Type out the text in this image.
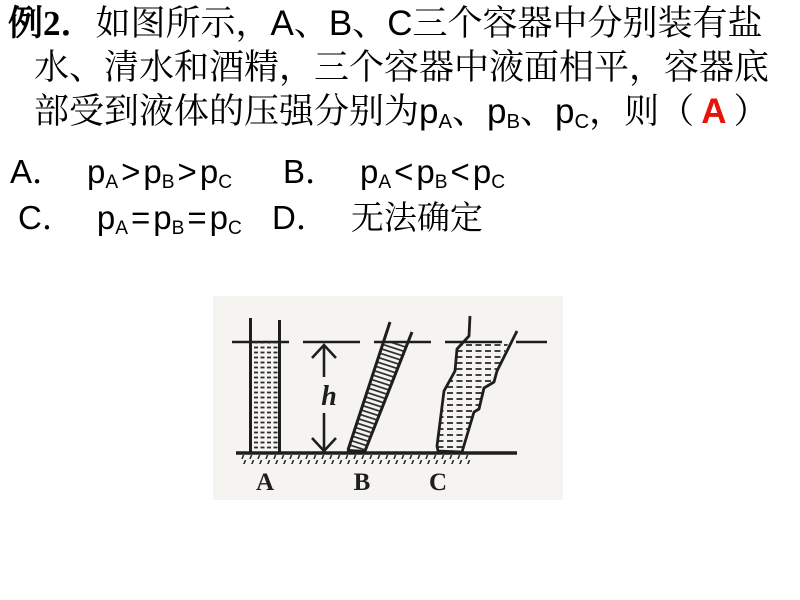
例2．如图所示，A、B、C三个容器中分别装有盐
水、清水和酒精，三个容器中液面相平，容器底
部受到液体的压强分别为pA、pB、pC，则（ A ）
A． pA>pB>pC B． pA<pB<pC
C． pA=pB=pC D． 无法确定
h
A	B C
